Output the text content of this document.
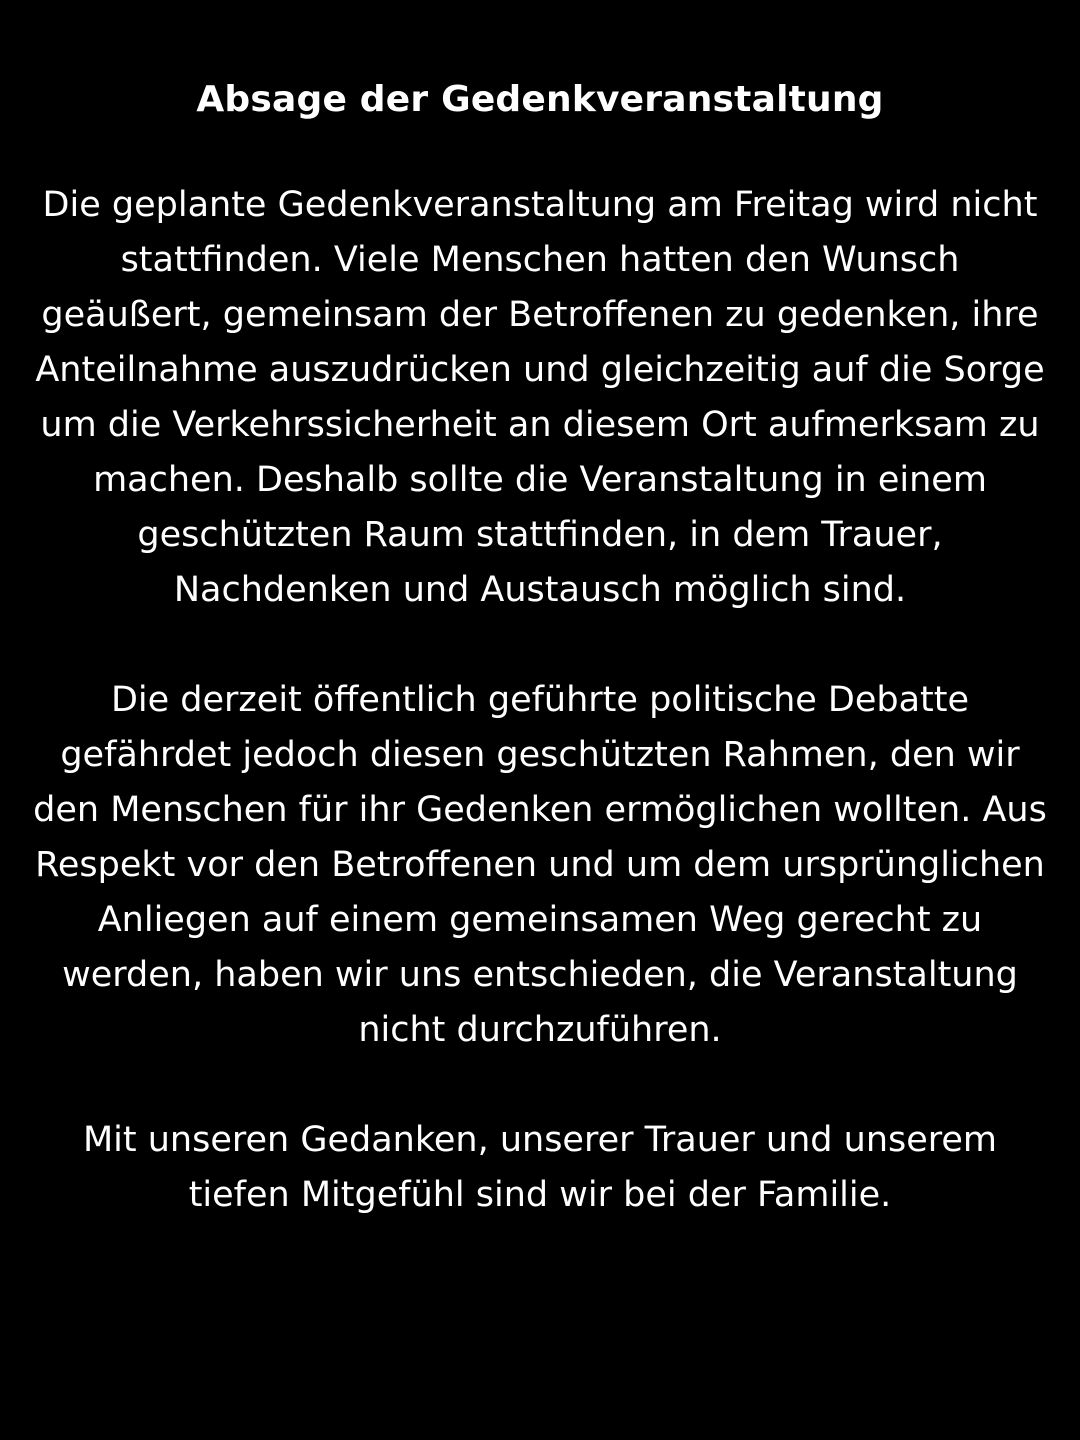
Absage der Gedenkveranstaltung

Die geplante Gedenkveranstaltung am Freitag wird nicht stattfinden. Viele Menschen hatten den Wunsch geäußert, gemeinsam der Betroffenen zu gedenken, ihre Anteilnahme auszudrücken und gleichzeitig auf die Sorge um die Verkehrssicherheit an diesem Ort aufmerksam zu machen. Deshalb sollte die Veranstaltung in einem geschützten Raum stattfinden, in dem Trauer, Nachdenken und Austausch möglich sind.

Die derzeit öffentlich geführte politische Debatte gefährdet jedoch diesen geschützten Rahmen, den wir den Menschen für ihr Gedenken ermöglichen wollten. Aus Respekt vor den Betroffenen und um dem ursprünglichen Anliegen auf einem gemeinsamen Weg gerecht zu werden, haben wir uns entschieden, die Veranstaltung nicht durchzuführen.

Mit unseren Gedanken, unserer Trauer und unserem tiefen Mitgefühl sind wir bei der Familie.
